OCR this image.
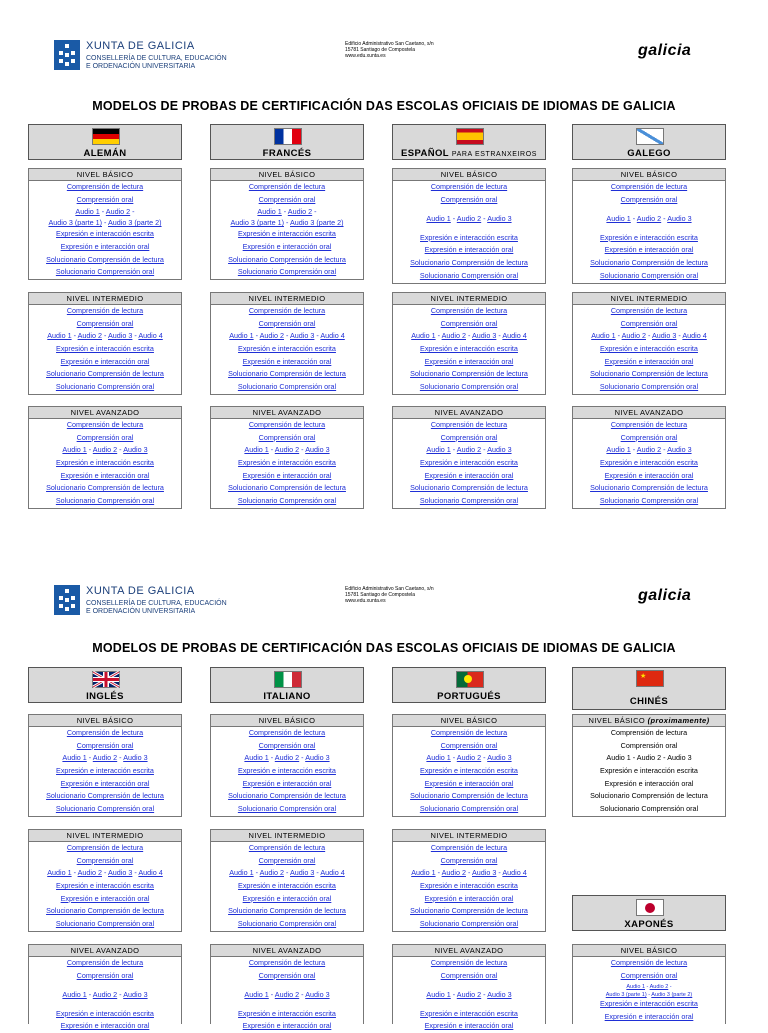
XUNTA DE GALICIA
CONSELLERÍA DE CULTURA, EDUCACIÓN
E ORDENACIÓN UNIVERSITARIA
Edificio Administrativo San Caetano, s/n
15781 Santiago de Compostela
www.edu.xunta.es	galicia
MODELOS DE PROBAS DE CERTIFICACIÓN DAS ESCOLAS OFICIAIS DE IDIOMAS DE GALICIA
XUNTA DE GALICIA
CONSELLERÍA DE CULTURA, EDUCACIÓN
E ORDENACIÓN UNIVERSITARIA
Edificio Administrativo San Caetano, s/n
15781 Santiago de Compostela
www.edu.xunta.es	galicia
MODELOS DE PROBAS DE CERTIFICACIÓN DAS ESCOLAS OFICIAIS DE IDIOMAS DE GALICIA
ALEMÁN	FRANCÉS	ESPAÑOL PARA ESTRANXEIROS	GALEGO
INGLÉS	ITALIANO	PORTUGUÉS
★
CHINÉS
XAPONÉS
NIVEL BÁSICO
Comprensión de lectura
Comprensión oral
Audio 1 - Audio 2 -
Audio 3 (parte 1) - Audio 3 (parte 2)
Expresión e interacción escrita
Expresión e interacción oral
Solucionario Comprensión de lectura
Solucionario Comprensión oral
NIVEL BÁSICO
Comprensión de lectura
Comprensión oral
Audio 1 - Audio 2 -
Audio 3 (parte 1) - Audio 3 (parte 2)
Expresión e interacción escrita
Expresión e interacción oral
Solucionario Comprensión de lectura
Solucionario Comprensión oral
NIVEL BÁSICO
Comprensión de lectura
Comprensión oral
Audio 1 - Audio 2 - Audio 3
Expresión e interacción escrita
Expresión e interacción oral
Solucionario Comprensión de lectura
Solucionario Comprensión oral
NIVEL BÁSICO
Comprensión de lectura
Comprensión oral
Audio 1 - Audio 2 - Audio 3
Expresión e interacción escrita
Expresión e interacción oral
Solucionario Comprensión de lectura
Solucionario Comprensión oral
NIVEL INTERMEDIO
Comprensión de lectura
Comprensión oral
Audio 1 - Audio 2 - Audio 3 - Audio 4
Expresión e interacción escrita
Expresión e interacción oral
Solucionario Comprensión de lectura
Solucionario Comprensión oral
NIVEL INTERMEDIO
Comprensión de lectura
Comprensión oral
Audio 1 - Audio 2 - Audio 3 - Audio 4
Expresión e interacción escrita
Expresión e interacción oral
Solucionario Comprensión de lectura
Solucionario Comprensión oral
NIVEL INTERMEDIO
Comprensión de lectura
Comprensión oral
Audio 1 - Audio 2 - Audio 3 - Audio 4
Expresión e interacción escrita
Expresión e interacción oral
Solucionario Comprensión de lectura
Solucionario Comprensión oral
NIVEL INTERMEDIO
Comprensión de lectura
Comprensión oral
Audio 1 - Audio 2 - Audio 3 - Audio 4
Expresión e interacción escrita
Expresión e interacción oral
Solucionario Comprensión de lectura
Solucionario Comprensión oral
NIVEL AVANZADO
Comprensión de lectura
Comprensión oral
Audio 1 - Audio 2 - Audio 3
Expresión e interacción escrita
Expresión e interacción oral
Solucionario Comprensión de lectura
Solucionario Comprensión oral
NIVEL AVANZADO
Comprensión de lectura
Comprensión oral
Audio 1 - Audio 2 - Audio 3
Expresión e interacción escrita
Expresión e interacción oral
Solucionario Comprensión de lectura
Solucionario Comprensión oral
NIVEL AVANZADO
Comprensión de lectura
Comprensión oral
Audio 1 - Audio 2 - Audio 3
Expresión e interacción escrita
Expresión e interacción oral
Solucionario Comprensión de lectura
Solucionario Comprensión oral
NIVEL AVANZADO
Comprensión de lectura
Comprensión oral
Audio 1 - Audio 2 - Audio 3
Expresión e interacción escrita
Expresión e interacción oral
Solucionario Comprensión de lectura
Solucionario Comprensión oral
NIVEL BÁSICO
Comprensión de lectura
Comprensión oral
Audio 1 - Audio 2 - Audio 3
Expresión e interacción escrita
Expresión e interacción oral
Solucionario Comprensión de lectura
Solucionario Comprensión oral
NIVEL BÁSICO
Comprensión de lectura
Comprensión oral
Audio 1 - Audio 2 - Audio 3
Expresión e interacción escrita
Expresión e interacción oral
Solucionario Comprensión de lectura
Solucionario Comprensión oral
NIVEL BÁSICO
Comprensión de lectura
Comprensión oral
Audio 1 - Audio 2 - Audio 3
Expresión e interacción escrita
Expresión e interacción oral
Solucionario Comprensión de lectura
Solucionario Comprensión oral
NIVEL BÁSICO (proximamente)
Comprensión de lectura
Comprensión oral
Audio 1 - Audio 2 - Audio 3
Expresión e interacción escrita
Expresión e interacción oral
Solucionario Comprensión de lectura
Solucionario Comprensión oral
NIVEL INTERMEDIO
Comprensión de lectura
Comprensión oral
Audio 1 - Audio 2 - Audio 3 - Audio 4
Expresión e interacción escrita
Expresión e interacción oral
Solucionario Comprensión de lectura
Solucionario Comprensión oral
NIVEL INTERMEDIO
Comprensión de lectura
Comprensión oral
Audio 1 - Audio 2 - Audio 3 - Audio 4
Expresión e interacción escrita
Expresión e interacción oral
Solucionario Comprensión de lectura
Solucionario Comprensión oral
NIVEL INTERMEDIO
Comprensión de lectura
Comprensión oral
Audio 1 - Audio 2 - Audio 3 - Audio 4
Expresión e interacción escrita
Expresión e interacción oral
Solucionario Comprensión de lectura
Solucionario Comprensión oral
NIVEL AVANZADO
Comprensión de lectura
Comprensión oral
Audio 1 - Audio 2 - Audio 3
Expresión e interacción escrita
Expresión e interacción oral
NIVEL AVANZADO
Comprensión de lectura
Comprensión oral
Audio 1 - Audio 2 - Audio 3
Expresión e interacción escrita
Expresión e interacción oral
NIVEL AVANZADO
Comprensión de lectura
Comprensión oral
Audio 1 - Audio 2 - Audio 3
Expresión e interacción escrita
Expresión e interacción oral
NIVEL BÁSICO
Comprensión de lectura
Comprensión oral
Audio 1 - Audio 2 -
Audio 3 (parte 1) - Audio 3 (parte 2)
Expresión e interacción escrita
Expresión e interacción oral
